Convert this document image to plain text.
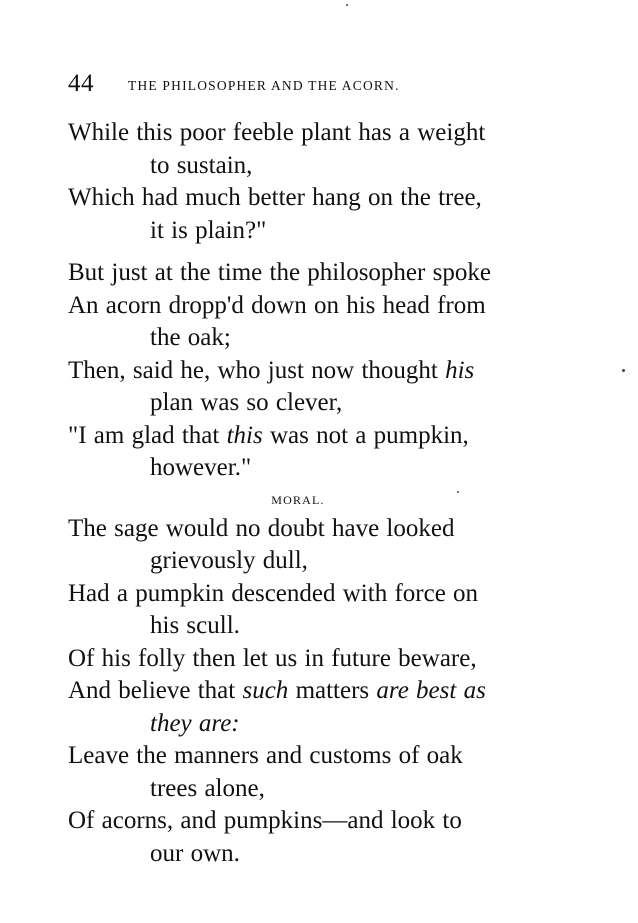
44	THE PHILOSOPHER AND THE ACORN.
While this poor feeble plant has a weight
to sustain,
Which had much better hang on the tree,
it is plain?"
But just at the time the philosopher spoke
An acorn dropp'd down on his head from
the oak;
Then, said he, who just now thought his
plan was so clever,
"I am glad that this was not a pumpkin,
however."
MORAL.
The sage would no doubt have looked
grievously dull,
Had a pumpkin descended with force on
his scull.
Of his folly then let us in future beware,
And believe that such matters are best as
they are:
Leave the manners and customs of oak
trees alone,
Of acorns, and pumpkins—and look to
our own.
